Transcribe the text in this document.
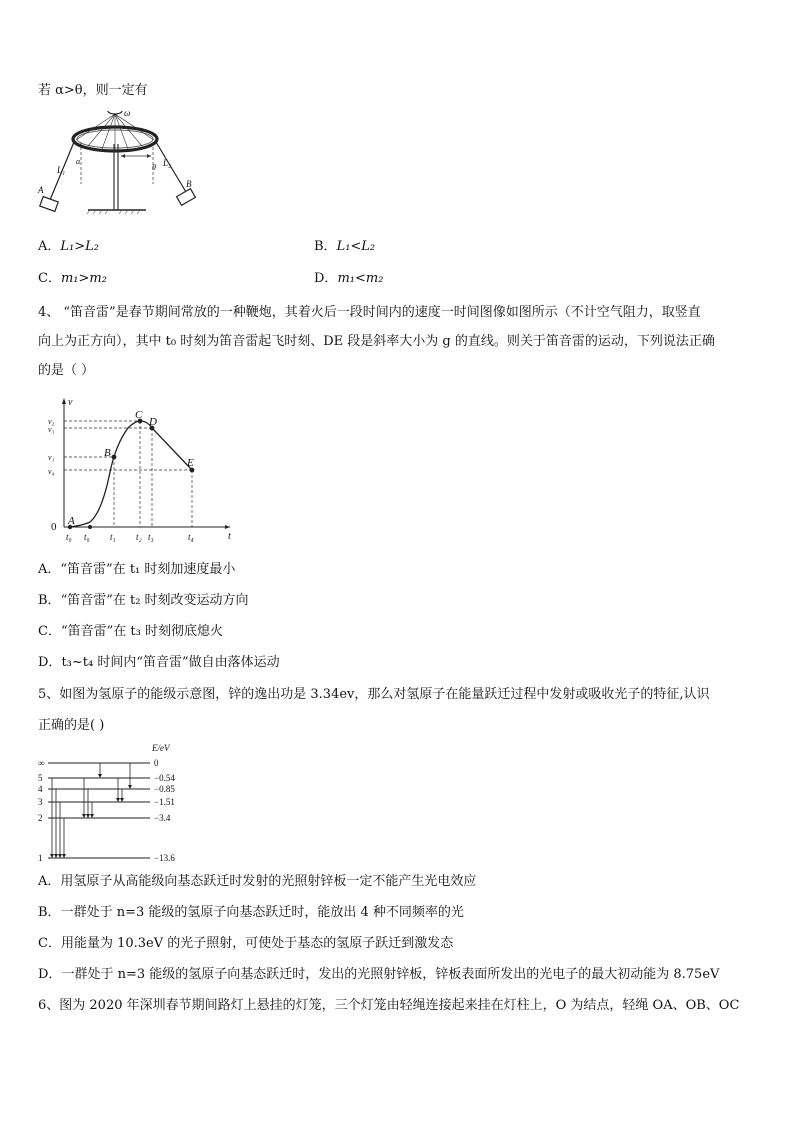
若 α>θ，则一定有
ω
L₁
α	L₂
θ
A
B
A．L₁>L₂	B．L₁<L₂
C．m₁>m₂	D．m₁<m₂
4、 “笛音雷”是春节期间常放的一种鞭炮，其着火后一段时间内的速度一时间图像如图所示（不计空气阻力，取竖直
向上为正方向），其中 t₀ 时刻为笛音雷起飞时刻、DE 段是斜率大小为 g 的直线。则关于笛音雷的运动，下列说法正确
的是（ ）
v
t
0 A
B
C
D
E
v₂
v₃
v₁
v₄
t₀ t₀ t₁ t₂ t₃	t₄
A．“笛音雷”在 t₁ 时刻加速度最小
B．“笛音雷”在 t₂ 时刻改变运动方向
C．“笛音雷”在 t₃ 时刻彻底熄火
D．t₃~t₄ 时间内“笛音雷”做自由落体运动
5、如图为氢原子的能级示意图，锌的逸出功是 3.34ev，那么对氢原子在能量跃迁过程中发射或吸收光子的特征,认识
正确的是( )
E/eV
∞
5
4
3
2
1
0
−0.54
−0.85
−1.51
−3.4
−13.6
A．用氢原子从高能级向基态跃迁时发射的光照射锌板一定不能产生光电效应
B．一群处于 n=3 能级的氢原子向基态跃迁时，能放出 4 种不同频率的光
C．用能量为 10.3eV 的光子照射，可使处于基态的氢原子跃迁到激发态
D．一群处于 n=3 能级的氢原子向基态跃迁时，发出的光照射锌板，锌板表面所发出的光电子的最大初动能为 8.75eV
6、图为 2020 年深圳春节期间路灯上悬挂的灯笼，三个灯笼由轻绳连接起来挂在灯柱上，O 为结点，轻绳 OA、OB、OC
